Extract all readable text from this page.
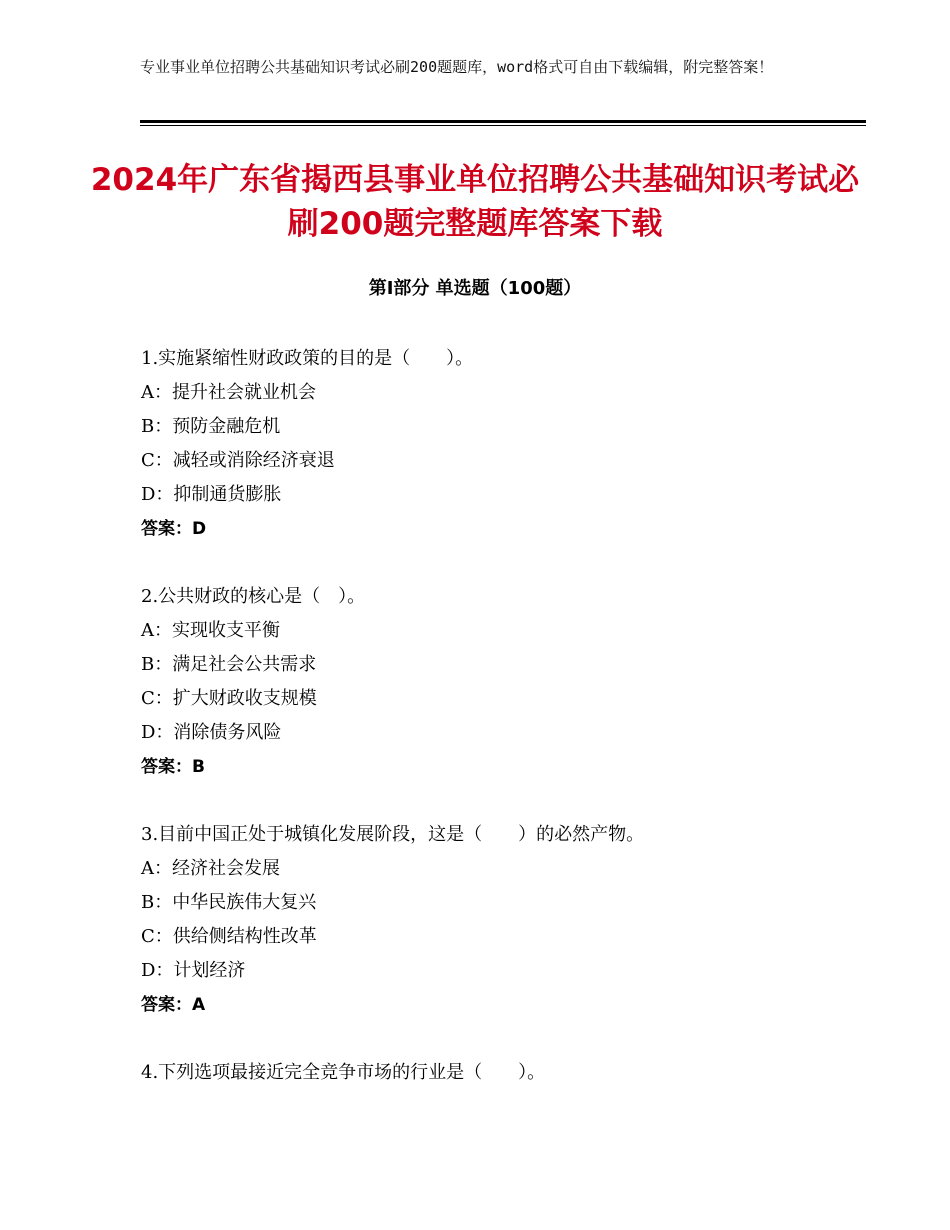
专业事业单位招聘公共基础知识考试必刷200题题库，word格式可自由下载编辑，附完整答案！
2024年广东省揭西县事业单位招聘公共基础知识考试必刷200题完整题库答案下载
第Ⅰ部分 单选题（100题）
1.实施紧缩性财政政策的目的是（　　）。
A：提升社会就业机会
B：预防金融危机
C：减轻或消除经济衰退
D：抑制通货膨胀
答案：D
2.公共财政的核心是（　）。
A：实现收支平衡
B：满足社会公共需求
C：扩大财政收支规模
D：消除债务风险
答案：B
3.目前中国正处于城镇化发展阶段，这是（　　）的必然产物。
A：经济社会发展
B：中华民族伟大复兴
C：供给侧结构性改革
D：计划经济
答案：A
4.下列选项最接近完全竞争市场的行业是（　　）。
